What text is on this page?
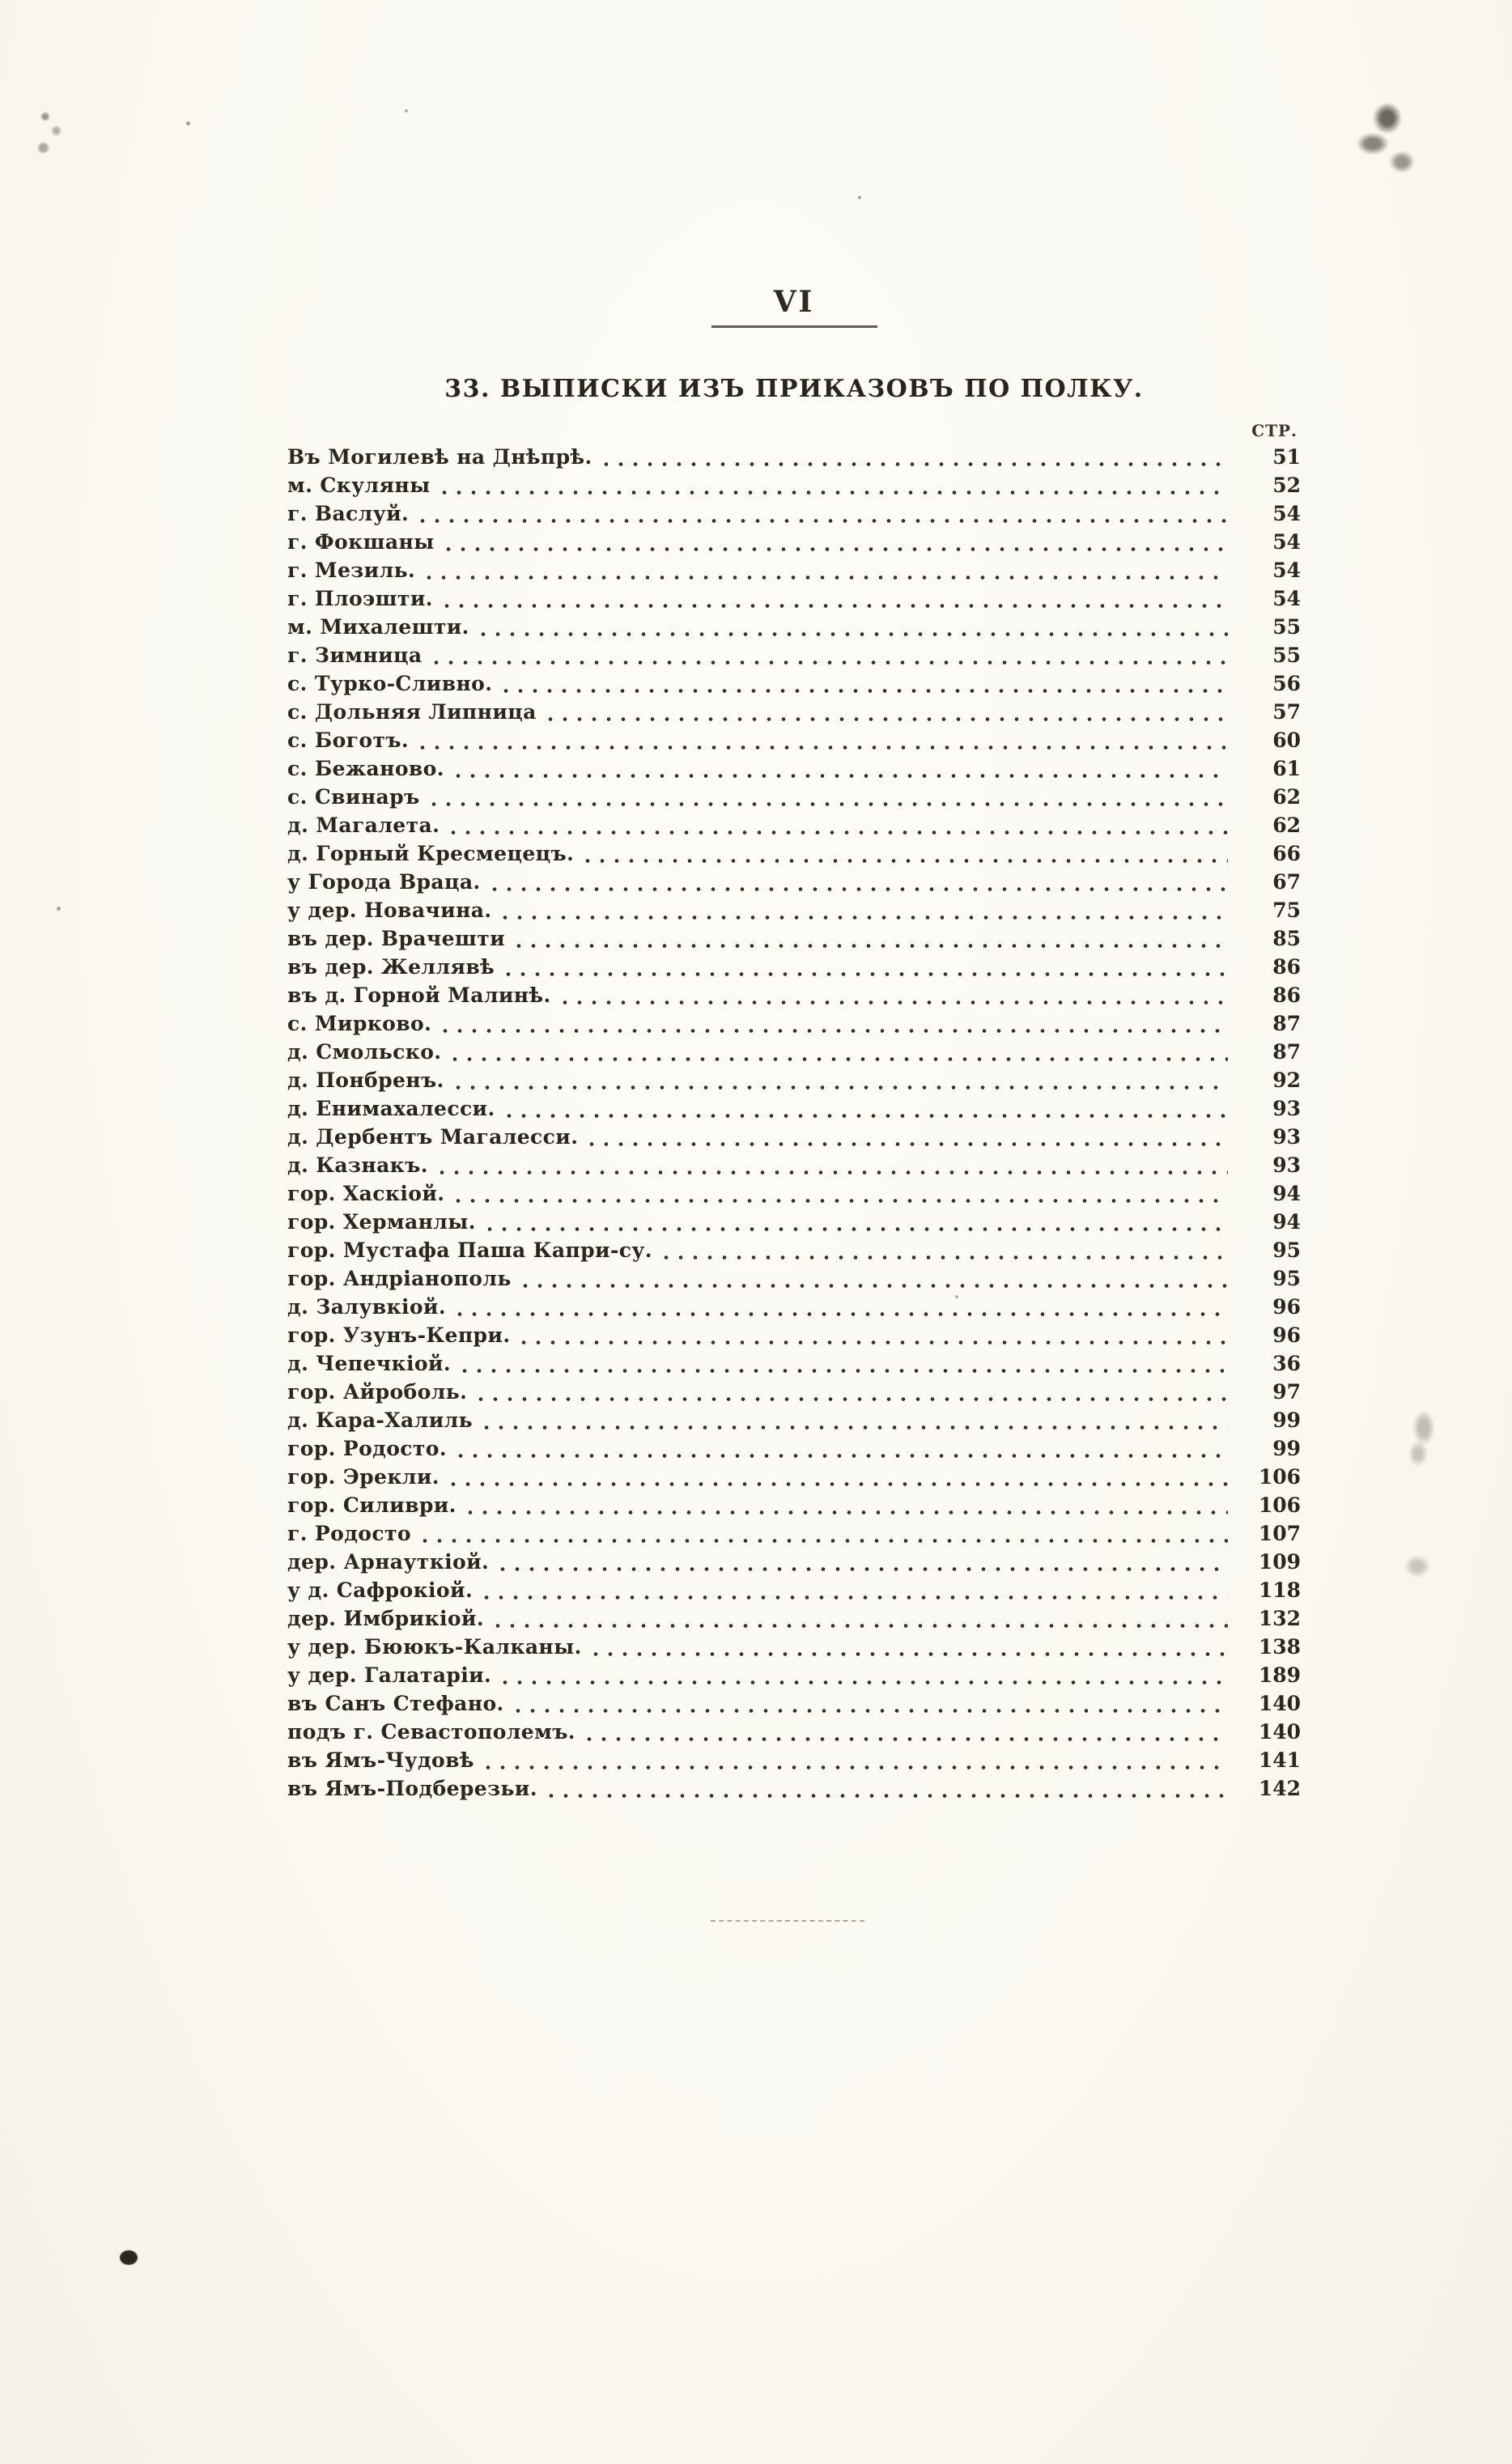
VI
33. ВЫПИСКИ ИЗЪ ПРИКАЗОВЪ ПО ПОЛКУ.
СТР.
Въ Могилевѣ на Днѣпрѣ.	51
м. Скуляны	52
г. Васлуй.	54
г. Фокшаны	54
г. Мезиль.	54
г. Плоэшти.	54
м. Михалешти.	55
г. Зимница	55
с. Турко-Сливно.	56
с. Дольняя Липница	57
с. Боготъ.	60
с. Бежаново.	61
с. Свинаръ	62
д. Магалета.	62
д. Горный Кресмецецъ.	66
у Города Враца.	67
у дер. Новачина.	75
въ дер. Врачешти	85
въ дер. Желлявѣ	86
въ д. Горной Малинѣ.	86
с. Мирково.	87
д. Смольско.	87
д. Понбренъ.	92
д. Енимахалесси.	93
д. Дербентъ Магалесси.	93
д. Казнакъ.	93
гор. Хаскіой.	94
гор. Херманлы.	94
гор. Мустафа Паша Капри-су.	95
гор. Андріанополь	95
д. Залувкіой.	96
гор. Узунъ-Кепри.	96
д. Чепечкіой.	36
гор. Айроболь.	97
д. Кара-Халиль	99
гор. Родосто.	99
гор. Эрекли.	106
гор. Силиври.	106
г. Родосто	107
дер. Арнауткіой.	109
у д. Сафрокіой.	118
дер. Имбрикіой.	132
у дер. Бююкъ-Калканы.	138
у дер. Галатаріи.	189
въ Санъ Стефано.	140
подъ г. Севастополемъ.	140
въ Ямъ-Чудовѣ	141
въ Ямъ-Подберезьи.	142
